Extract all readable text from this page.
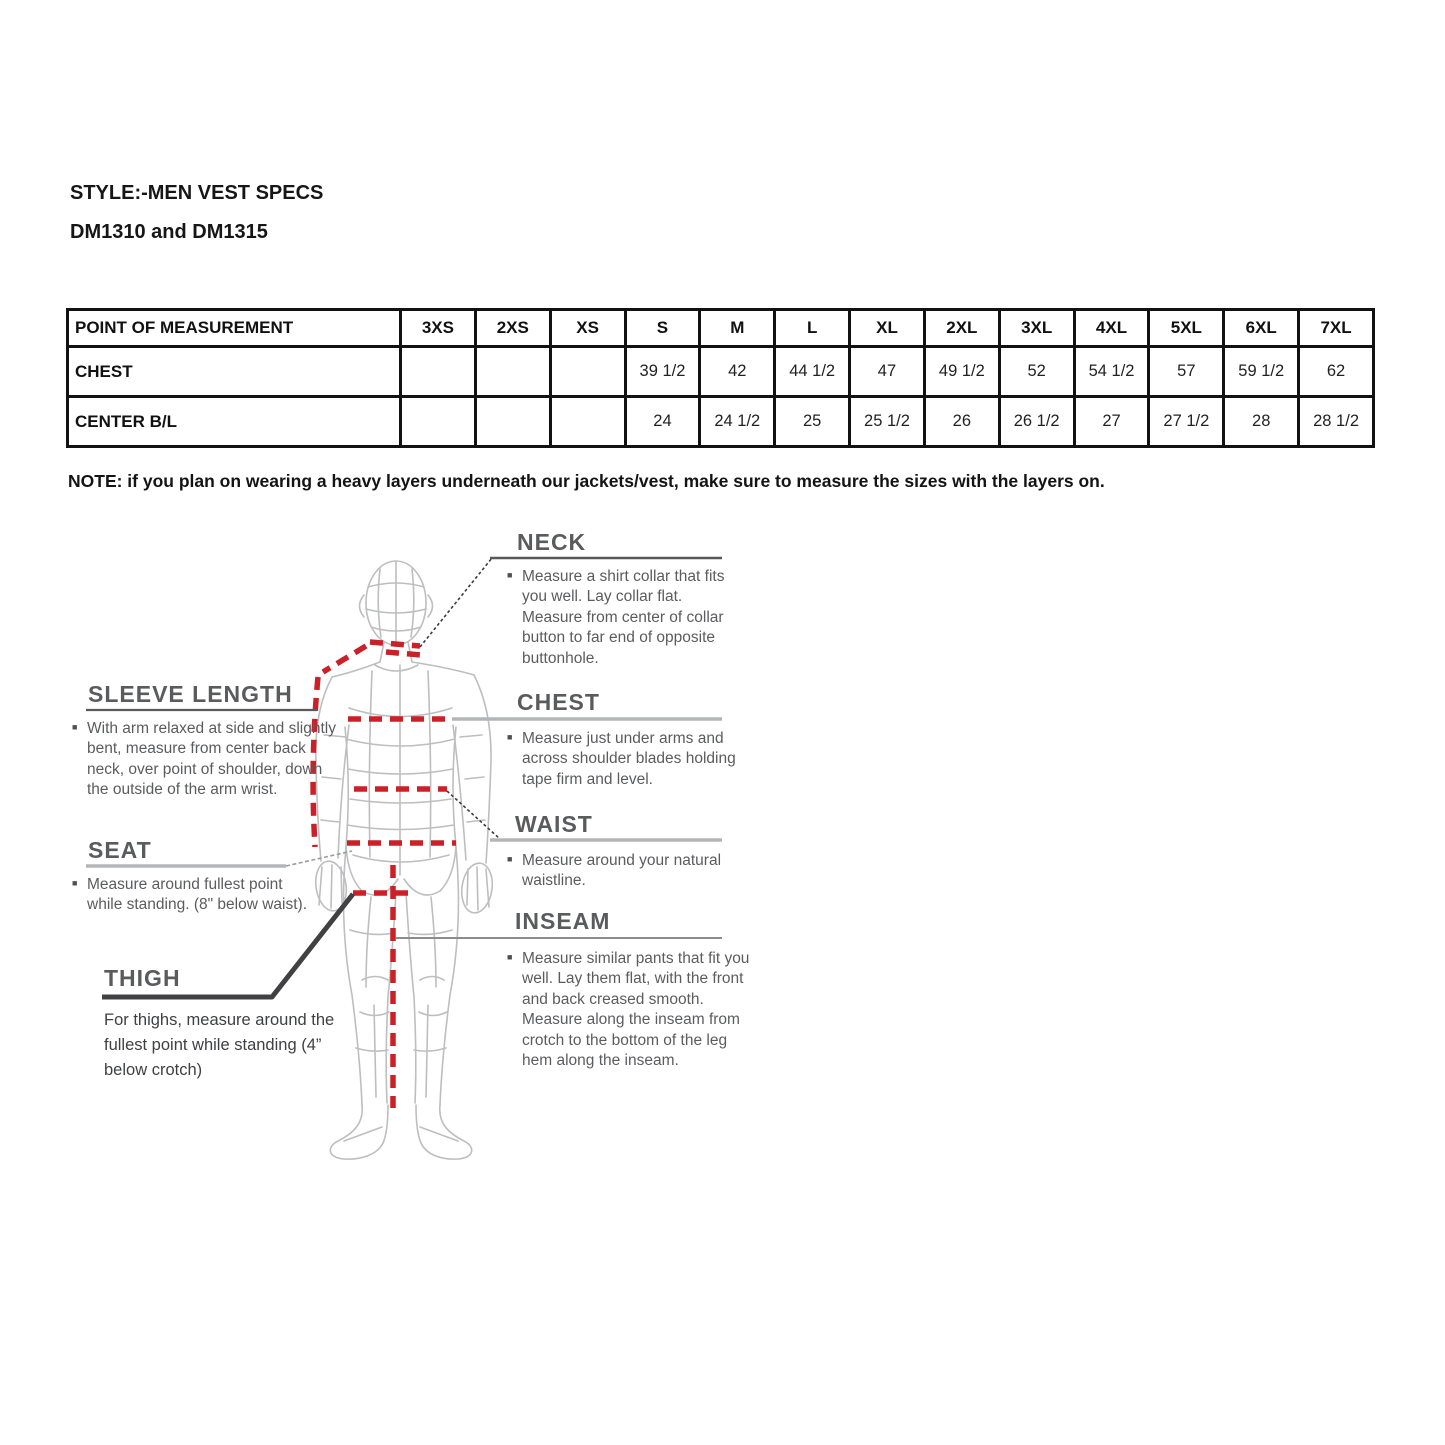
STYLE:-MEN VEST SPECS
DM1310 and DM1315
POINT OF MEASUREMENT	3XS	2XS	XS	S	M	L	XL	2XL	3XL	4XL	5XL	6XL	7XL
CHEST				39 1/2	42	44 1/2	47	49 1/2	52	54 1/2	57	59 1/2	62
CENTER B/L				24	24 1/2	25	25 1/2	26	26 1/2	27	27 1/2	28	28 1/2
NOTE: if you plan on wearing a heavy layers underneath our jackets/vest, make sure to measure the sizes with the layers on.
NECK
■ Measure a shirt collar that fits you well. Lay collar flat. Measure from center of collar button to far end of opposite buttonhole.
SLEEVE LENGTH
■ With arm relaxed at side and slightly bent, measure from center back neck, over point of shoulder, down the outside of the arm wrist.
CHEST
■ Measure just under arms and across shoulder blades holding tape firm and level.
WAIST
■ Measure around your natural waistline.
SEAT
■ Measure around fullest point while standing. (8" below waist).
INSEAM
■ Measure similar pants that fit you well. Lay them flat, with the front and back creased smooth. Measure along the inseam from crotch to the bottom of the leg hem along the inseam.
THIGH
For thighs, measure around the fullest point while standing (4” below crotch)
